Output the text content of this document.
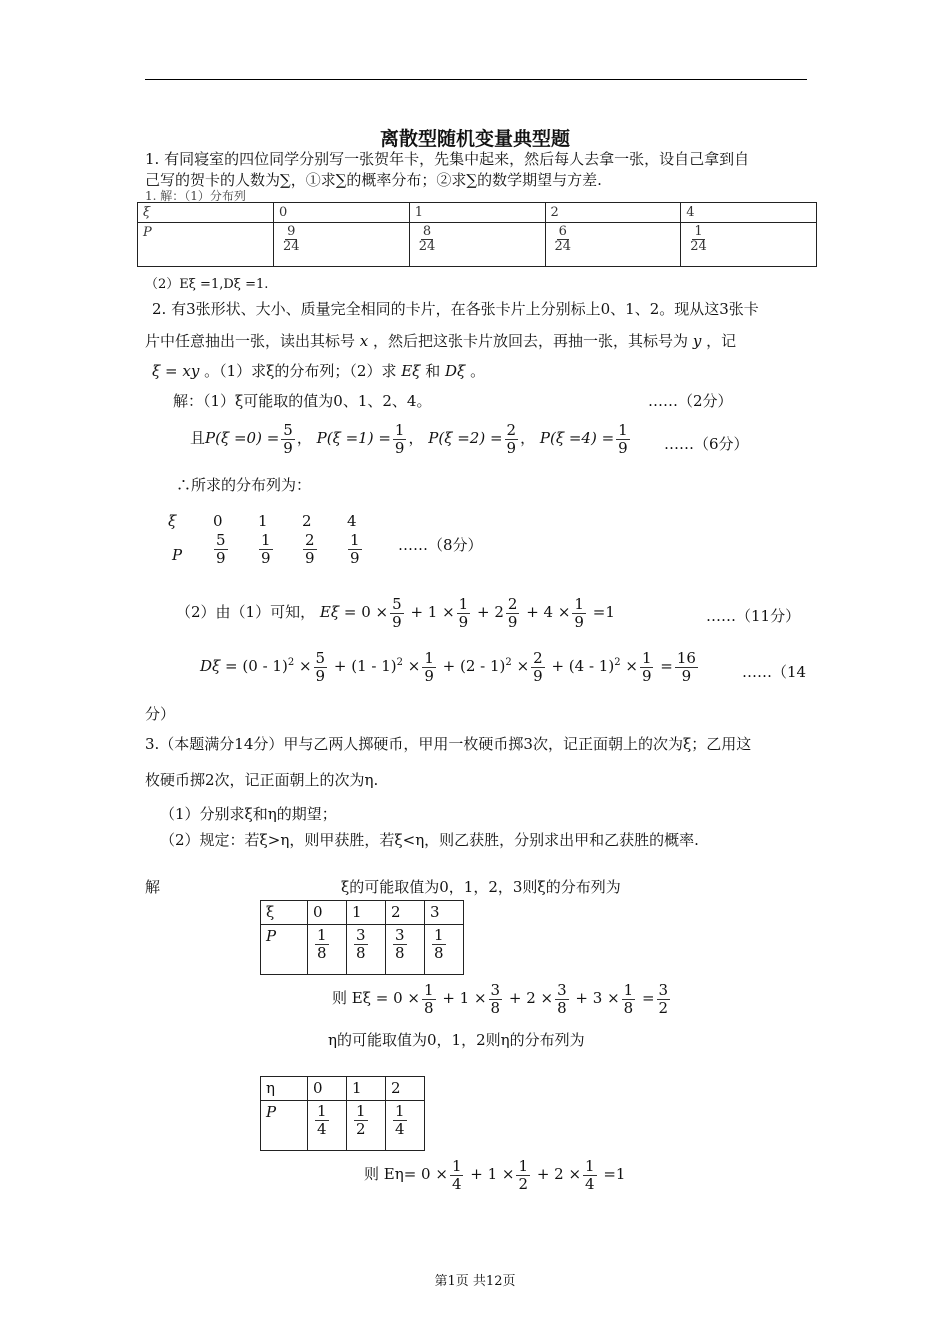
离散型随机变量典型题
1. 有同寝室的四位同学分别写一张贺年卡，先集中起来，然后每人去拿一张，设自己拿到自
己写的贺卡的人数为∑，①求∑的概率分布；②求∑的数学期望与方差.
1. 解：（1）分布列
ξ	0	1	2	4
P	$\frac{9}{24}$	$\frac{8}{24}$	$\frac{6}{24}$	$\frac{1}{24}$
（2）Eξ =1,Dξ =1.
2. 有3张形状、大小、质量完全相同的卡片，在各张卡片上分别标上0、1、2。现从这3张卡
片中任意抽出一张，读出其标号 x ，然后把这张卡片放回去，再抽一张，其标号为 y ，记
ξ = xy 。（1）求ξ的分布列；（2）求 Eξ 和 Dξ 。
解：（1）ξ可能取的值为0、1、2、4。	……（2分）
且$P(\xi =0) = \frac{5}{9}$ ， $P(\xi =1) = \frac{1}{9}$ ， $P(\xi =2) = \frac{2}{9}$ ， $P(\xi =4) = \frac{1}{9}$ ……（6分）
∴所求的分布列为：
ξ 0 1 2 4
P $\frac{5}{9} \frac{1}{9} \frac{2}{9} \frac{1}{9}$ ……（8分）
（2）由（1）可知， $E\xi = 0 \times \frac{5}{9} + 1 \times \frac{1}{9} + 2 \frac{2}{9} + 4 \times \frac{1}{9} =1$	……（11分）
$D\xi = (0 - 1)^2 \times \frac{5}{9} + (1 - 1)^2 \times \frac{1}{9} + (2 - 1)^2 \times \frac{2}{9} + (4 - 1)^2 \times \frac{1}{9} = \frac{16}{9}$	……（14
分）
3.（本题满分14分）甲与乙两人掷硬币，甲用一枚硬币掷3次，记正面朝上的次为ξ；乙用这
枚硬币掷2次，记正面朝上的次为η.
（1）分别求ξ和η的期望；
（2）规定：若ξ>η，则甲获胜，若ξ<η，则乙获胜，分别求出甲和乙获胜的概率.
解	ξ的可能取值为0，1，2，3则ξ的分布列为
ξ	0	1	2	3
P	$\frac{1}{8}$	$\frac{3}{8}$	$\frac{3}{8}$	$\frac{1}{8}$
则 $E\xi = 0 \times \frac{1}{8} + 1 \times \frac{3}{8} + 2 \times \frac{3}{8} + 3 \times \frac{1}{8} = \frac{3}{2}$
η的可能取值为0，1，2则η的分布列为
η	0	1	2
P	$\frac{1}{4}$	$\frac{1}{2}$	$\frac{1}{4}$
则 $E\eta= 0 \times \frac{1}{4} + 1 \times \frac{1}{2} + 2 \times \frac{1}{4} =1$
第1页 共12页
